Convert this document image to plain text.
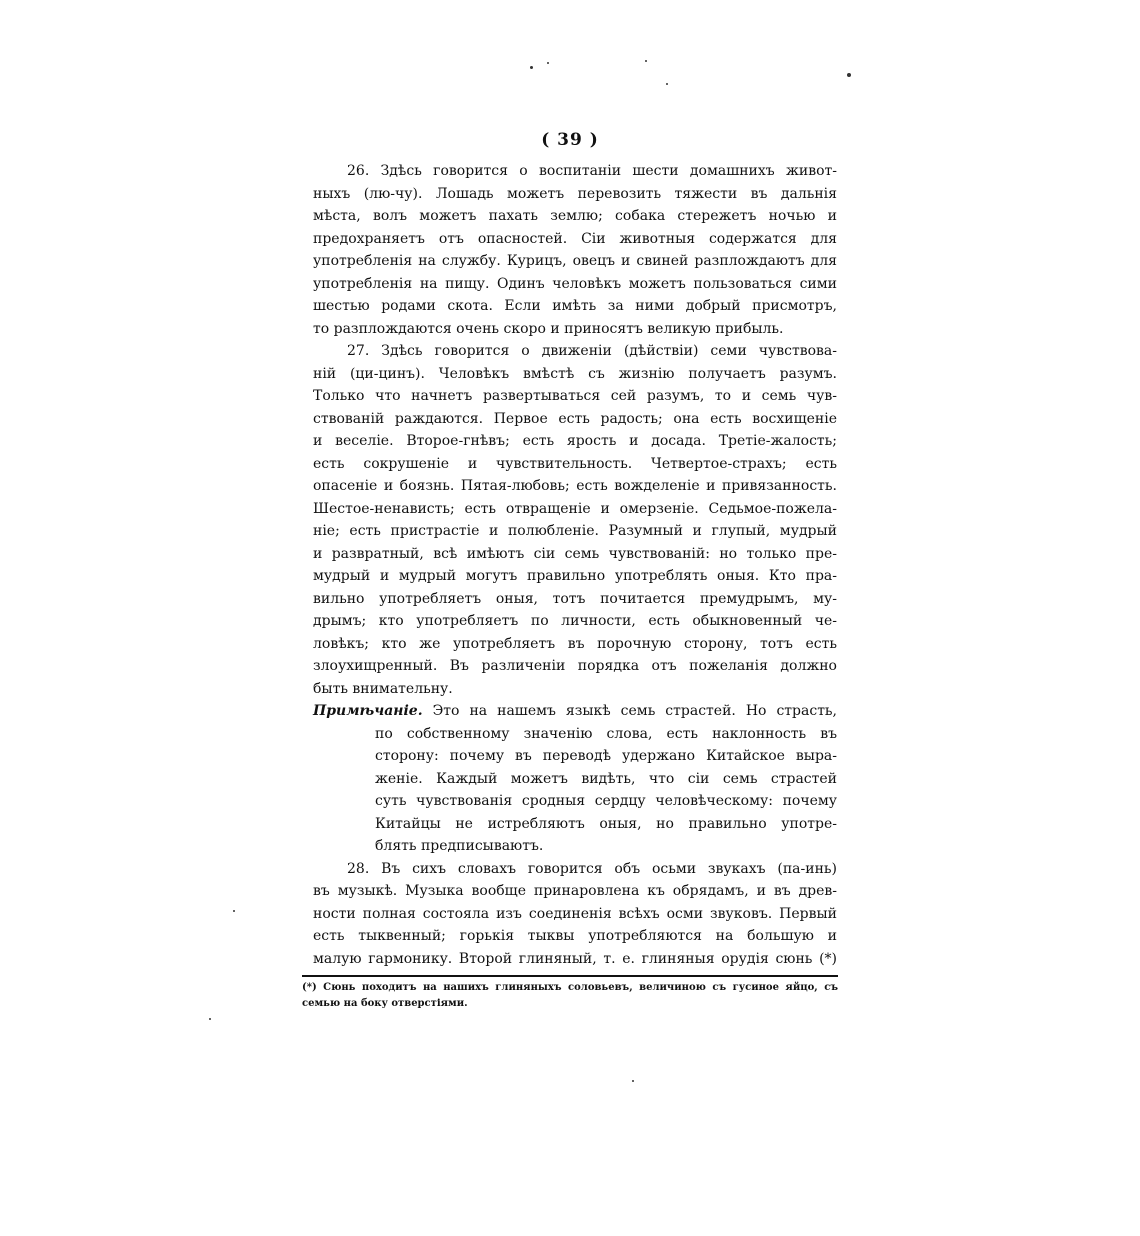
( 39 )

26. Здѣсь говорится о воспитаніи шести домашнихъ живот-
ныхъ (лю-чу). Лошадь можетъ перевозить тяжести въ дальнія
мѣста, волъ можетъ пахать землю; собака стережетъ ночью и
предохраняетъ отъ опасностей. Сіи животныя содержатся для
употребленія на службу. Курицъ, овецъ и свиней разплождаютъ для
употребленія на пищу. Одинъ человѣкъ можетъ пользоваться сими
шестью родами скота. Если имѣть за ними добрый присмотръ,
то разплождаются очень скоро и приносятъ великую прибыль.

27. Здѣсь говорится о движеніи (дѣйствіи) семи чувствова-
ній (ци-цинъ). Человѣкъ вмѣстѣ съ жизнію получаетъ разумъ.
Только что начнетъ развертываться сей разумъ, то и семь чув-
ствованій раждаются. Первое есть радость; она есть восхищеніе
и веселіе. Второе-гнѣвъ; есть ярость и досада. Третіе-жалость;
есть сокрушеніе и чувствительность. Четвертое-страхъ; есть
опасеніе и боязнь. Пятая-любовь; есть вожделеніе и привязанность.
Шестое-ненависть; есть отвращеніе и омерзеніе. Седьмое-пожела-
ніе; есть пристрастіе и полюбленіе. Разумный и глупый, мудрый
и развратный, всѣ имѣютъ сіи семь чувствованій: но только пре-
мудрый и мудрый могутъ правильно употреблять оныя. Кто пра-
вильно употребляетъ оныя, тотъ почитается премудрымъ, му-
дрымъ; кто употребляетъ по личности, есть обыкновенный че-
ловѣкъ; кто же употребляетъ въ порочную сторону, тотъ есть
злоухищренный. Въ различеніи порядка отъ пожеланія должно
быть внимательну.

Примѣчаніе. Это на нашемъ языкѣ семь страстей. Но страсть,
по собственному значенію слова, есть наклонность въ
сторону: почему въ переводѣ удержано Китайское выра-
женіе. Каждый можетъ видѣть, что сіи семь страстей
суть чувствованія сродныя сердцу человѣческому: почему
Китайцы не истребляютъ оныя, но правильно употре-
блять предписываютъ.

28. Въ сихъ словахъ говорится объ осьми звукахъ (па-инь)
въ музыкѣ. Музыка вообще принаровлена къ обрядамъ, и въ древ-
ности полная состояла изъ соединенія всѣхъ осми звуковъ. Первый
есть тыквенный; горькія тыквы употребляются на большую и
малую гармонику. Второй глиняный, т. е. глиняныя орудія сюнь (*)

(*) Сюнь походитъ на нашихъ глиняныхъ соловьевъ, величиною съ гусиное яйцо, съ
семью на боку отверстіями.
